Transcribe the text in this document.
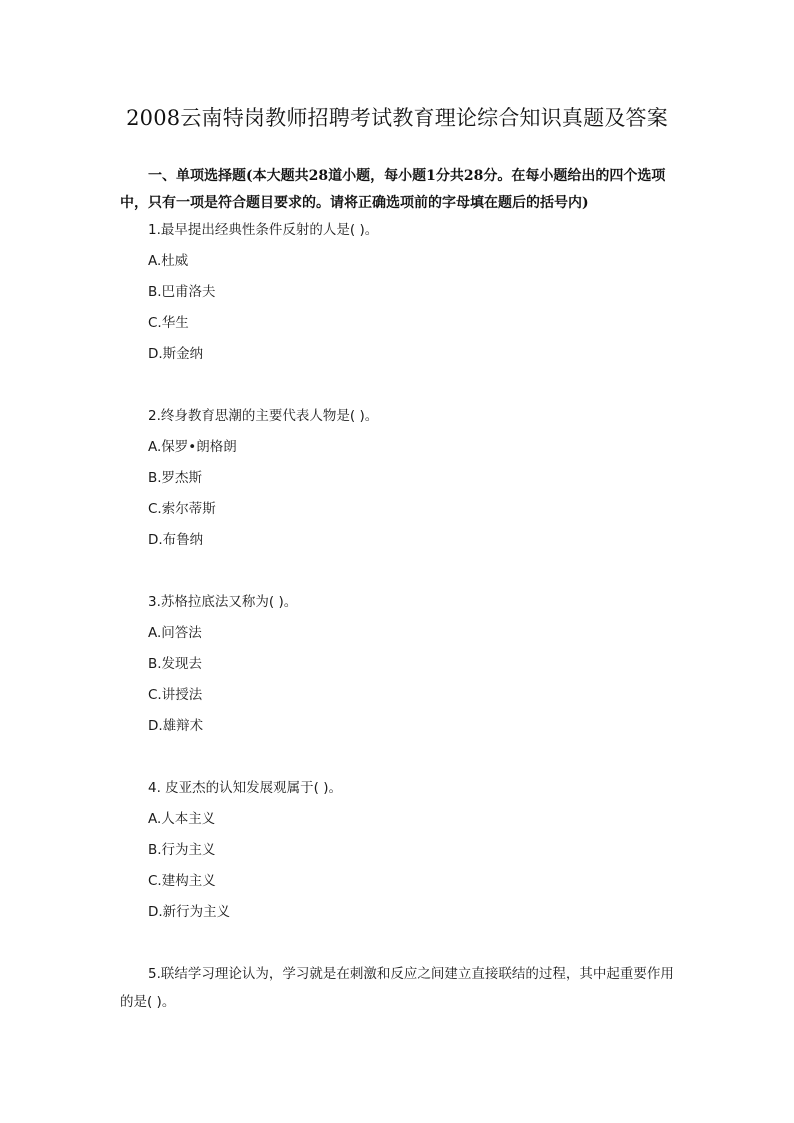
2008云南特岗教师招聘考试教育理论综合知识真题及答案
一、单项选择题(本大题共28道小题，每小题1分共28分。在每小题给出的四个选项中，只有一项是符合题目要求的。请将正确选项前的字母填在题后的括号内)
1.最早提出经典性条件反射的人是( )。
A.杜威
B.巴甫洛夫
C.华生
D.斯金纳
2.终身教育思潮的主要代表人物是( )。
A.保罗•朗格朗
B.罗杰斯
C.索尔蒂斯
D.布鲁纳
3.苏格拉底法又称为( )。
A.问答法
B.发现去
C.讲授法
D.雄辩术
4. 皮亚杰的认知发展观属于( )。
A.人本主义
B.行为主义
C.建构主义
D.新行为主义
5.联结学习理论认为，学习就是在刺激和反应之间建立直接联结的过程，其中起重要作用的是( )。
